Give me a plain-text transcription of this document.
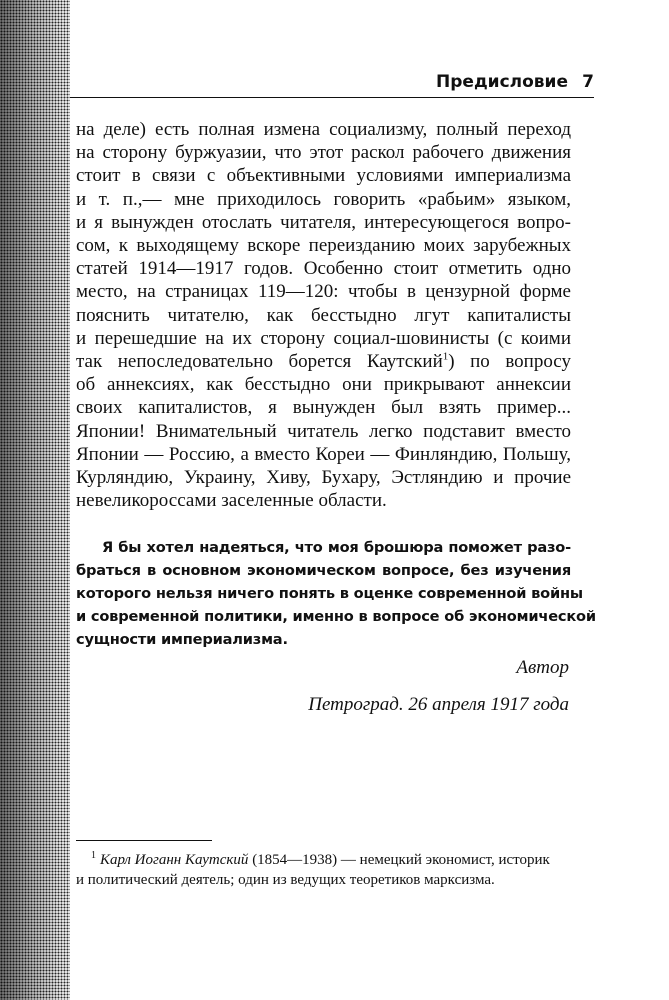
Предисловие 7
на деле) есть полная измена социализму, полный переход
на сторону буржуазии, что этот раскол рабочего движения
стоит в связи с объективными условиями империализма
и т. п.,— мне приходилось говорить «рабьим» языком,
и я вынужден отослать читателя, интересующегося вопро-
сом, к выходящему вскоре переизданию моих зарубежных
статей 1914—1917 годов. Особенно стоит отметить одно
место, на страницах 119—120: чтобы в цензурной форме
пояснить читателю, как бесстыдно лгут капиталисты
и перешедшие на их сторону социал-шовинисты (с коими
так непоследовательно борется Каутский$^1$) по вопросу
об аннексиях, как бесстыдно они прикрывают аннексии
своих капиталистов, я вынужден был взять пример...
Японии! Внимательный читатель легко подставит вместо
Японии — Россию, а вместо Кореи — Финляндию, Польшу,
Курляндию, Украину, Хиву, Бухару, Эстляндию и прочие
невеликороссами заселенные области.
Я бы хотел надеяться, что моя брошюра поможет разо-
браться в основном экономическом вопросе, без изучения
которого нельзя ничего понять в оценке современной войны
и современной политики, именно в вопросе об экономической
сущности империализма.
Автор
Петроград. 26 апреля 1917 года
$^1$ Карл Иоганн Каутский (1854—1938) — немецкий экономист, историк
и политический деятель; один из ведущих теоретиков марксизма.
